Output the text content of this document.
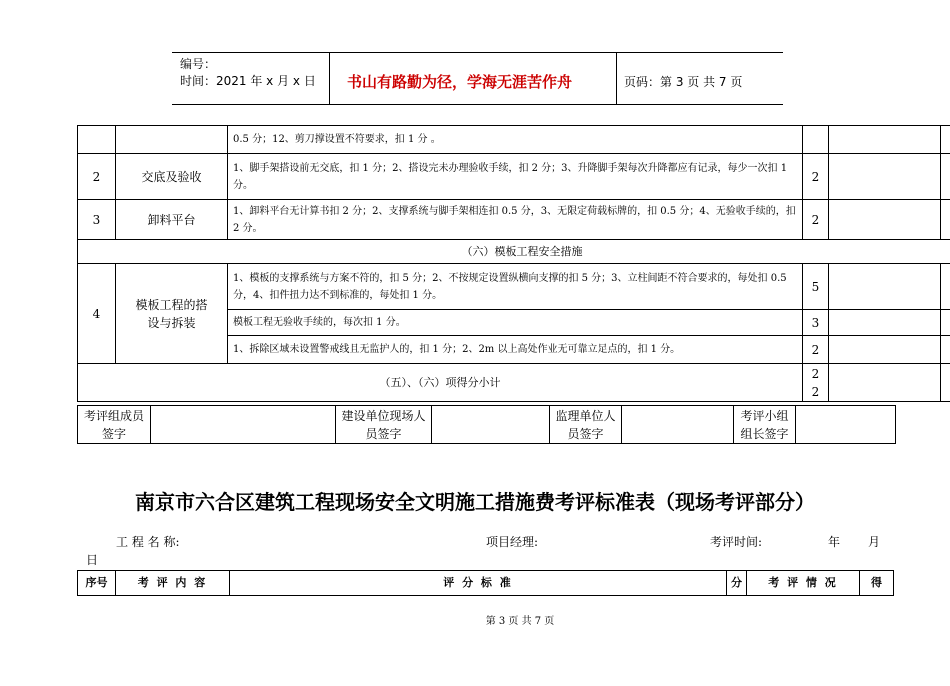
编号：
时间：2021 年 x 月 x 日 书山有路勤为径，学海无涯苦作舟	页码：第 3 页 共 7 页
		0.5 分；12、剪刀撑设置不符要求，扣 1 分 。			
2	交底及验收	1、脚手架搭设前无交底，扣 1 分；2、搭设完未办理验收手续，扣 2 分；3、升降脚手架每次升降都应有记录，每少一次扣 1 分。	2		
3	卸料平台	1、卸料平台无计算书扣 2 分；2、支撑系统与脚手架相连扣 0.5 分，3、无限定荷载标牌的，扣 0.5 分；4、无验收手续的，扣 2 分。	2		
（六）模板工程安全措施					
4	模板工程的搭设与拆装	1、模板的支撑系统与方案不符的，扣 5 分；2、不按规定设置纵横向支撑的扣 5 分；3、立柱间距不符合要求的，每处扣 0.5 分，4、扣件扭力达不到标准的，每处扣 1 分。	5		
		模板工程无验收手续的，每次扣 1 分。	3		
		1、拆除区域未设置警戒线且无监护人的，扣 1 分；2、2m 以上高处作业无可靠立足点的，扣 1 分。	2		
（五）、（六）项得分小计			22		
考评组成员签字		建设单位现场人员签字		监理单位人员签字		考评小组组长签字	
南京市六合区建筑工程现场安全文明施工措施费考评标准表（现场考评部分）
工 程 名 称:	项目经理:	考评时间:	年 月
日
序号	考 评 内 容	评 分 标 准	分	考 评 情 况	得
第 3 页 共 7 页
